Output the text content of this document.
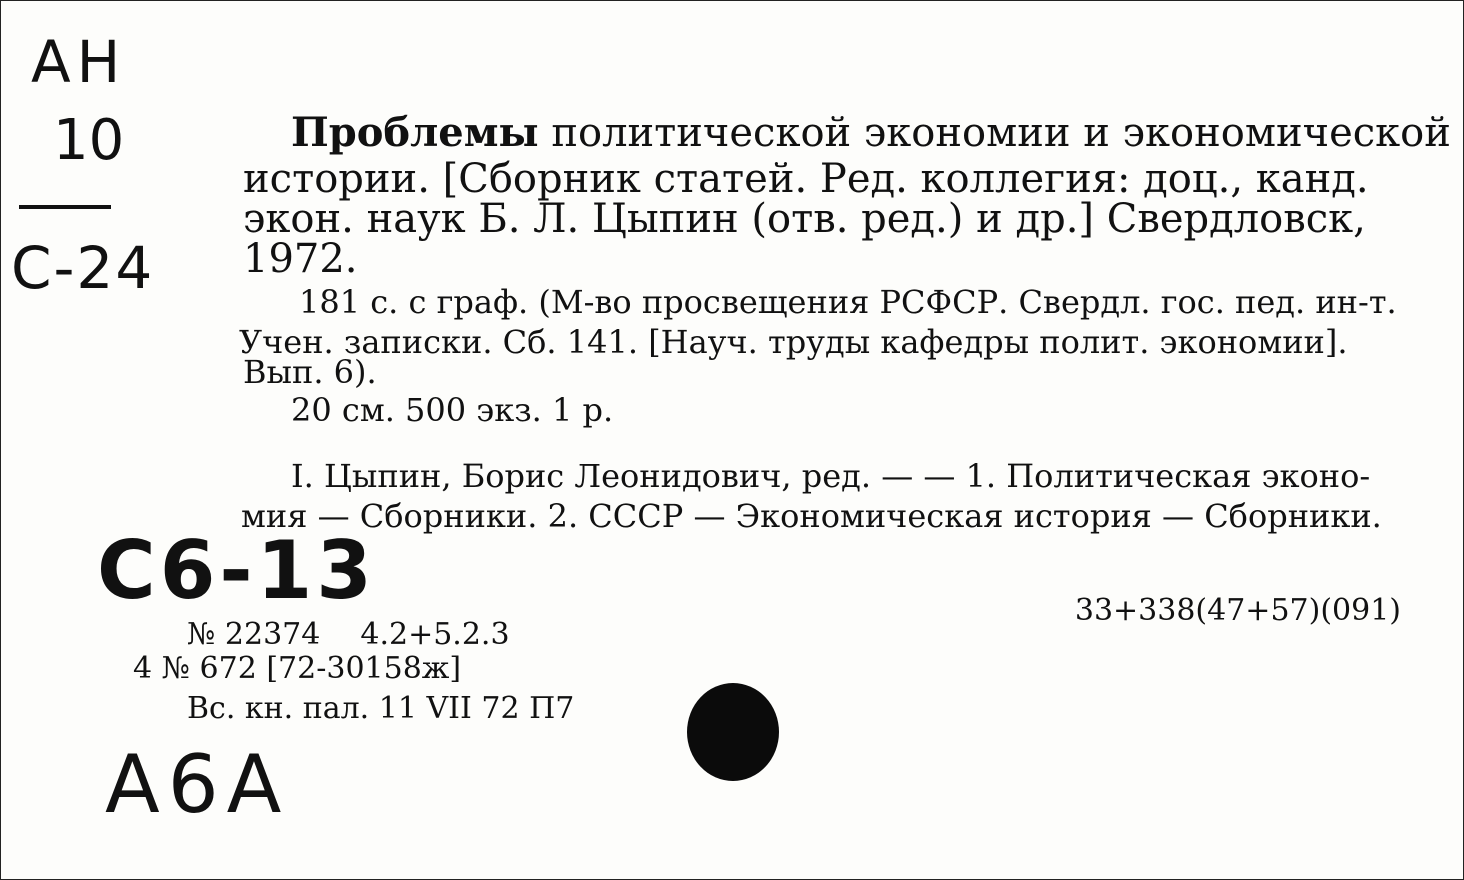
АН
10
С-24
Проблемы политической экономии и экономической
истории. [Сборник статей. Ред. коллегия: доц., канд.
экон. наук Б. Л. Цыпин (отв. ред.) и др.] Свердловск,
1972.
181 с. с граф. (М-во просвещения РСФСР. Свердл. гос. пед. ин-т.
Учен. записки. Сб. 141. [Науч. труды кафедры полит. экономии].
Вып. 6).
20 см. 500 экз. 1 р.
I. Цыпин, Борис Леонидович, ред. — — 1. Политическая эконо-
мия — Сборники. 2. СССР — Экономическая история — Сборники.
С6-13	33+338(47+57)(091)
№ 22374 4.2+5.2.3
4 № 672 [72-30158ж]
Вс. кн. пал. 11 VII 72 П7
А6А
